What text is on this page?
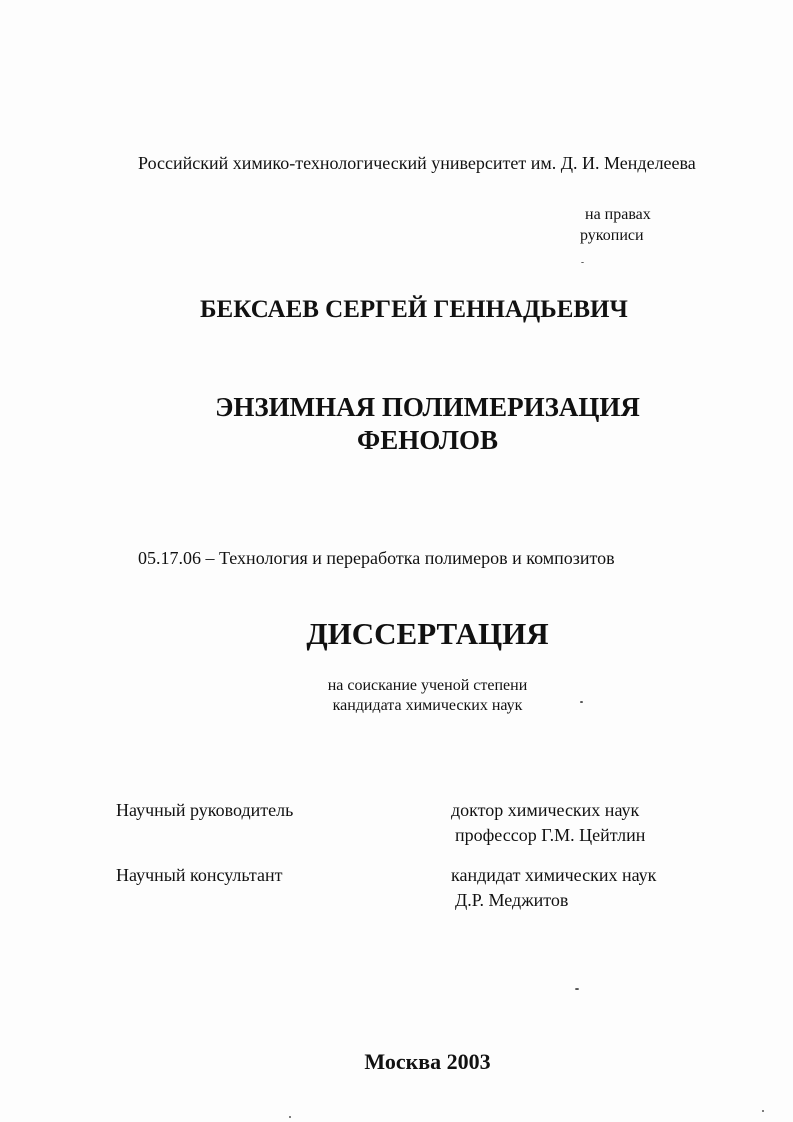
Российский химико-технологический университет им. Д. И. Менделеева
на правах
рукописи
БЕКСАЕВ СЕРГЕЙ ГЕННАДЬЕВИЧ
ЭНЗИМНАЯ ПОЛИМЕРИЗАЦИЯ
ФЕНОЛОВ
05.17.06 – Технология и переработка полимеров и композитов
ДИССЕРТАЦИЯ
на соискание ученой степени
кандидата химических наук
Научный руководитель	доктор химических наук
профессор Г.М. Цейтлин
Научный консультант	кандидат химических наук
Д.Р. Меджитов
Москва 2003
